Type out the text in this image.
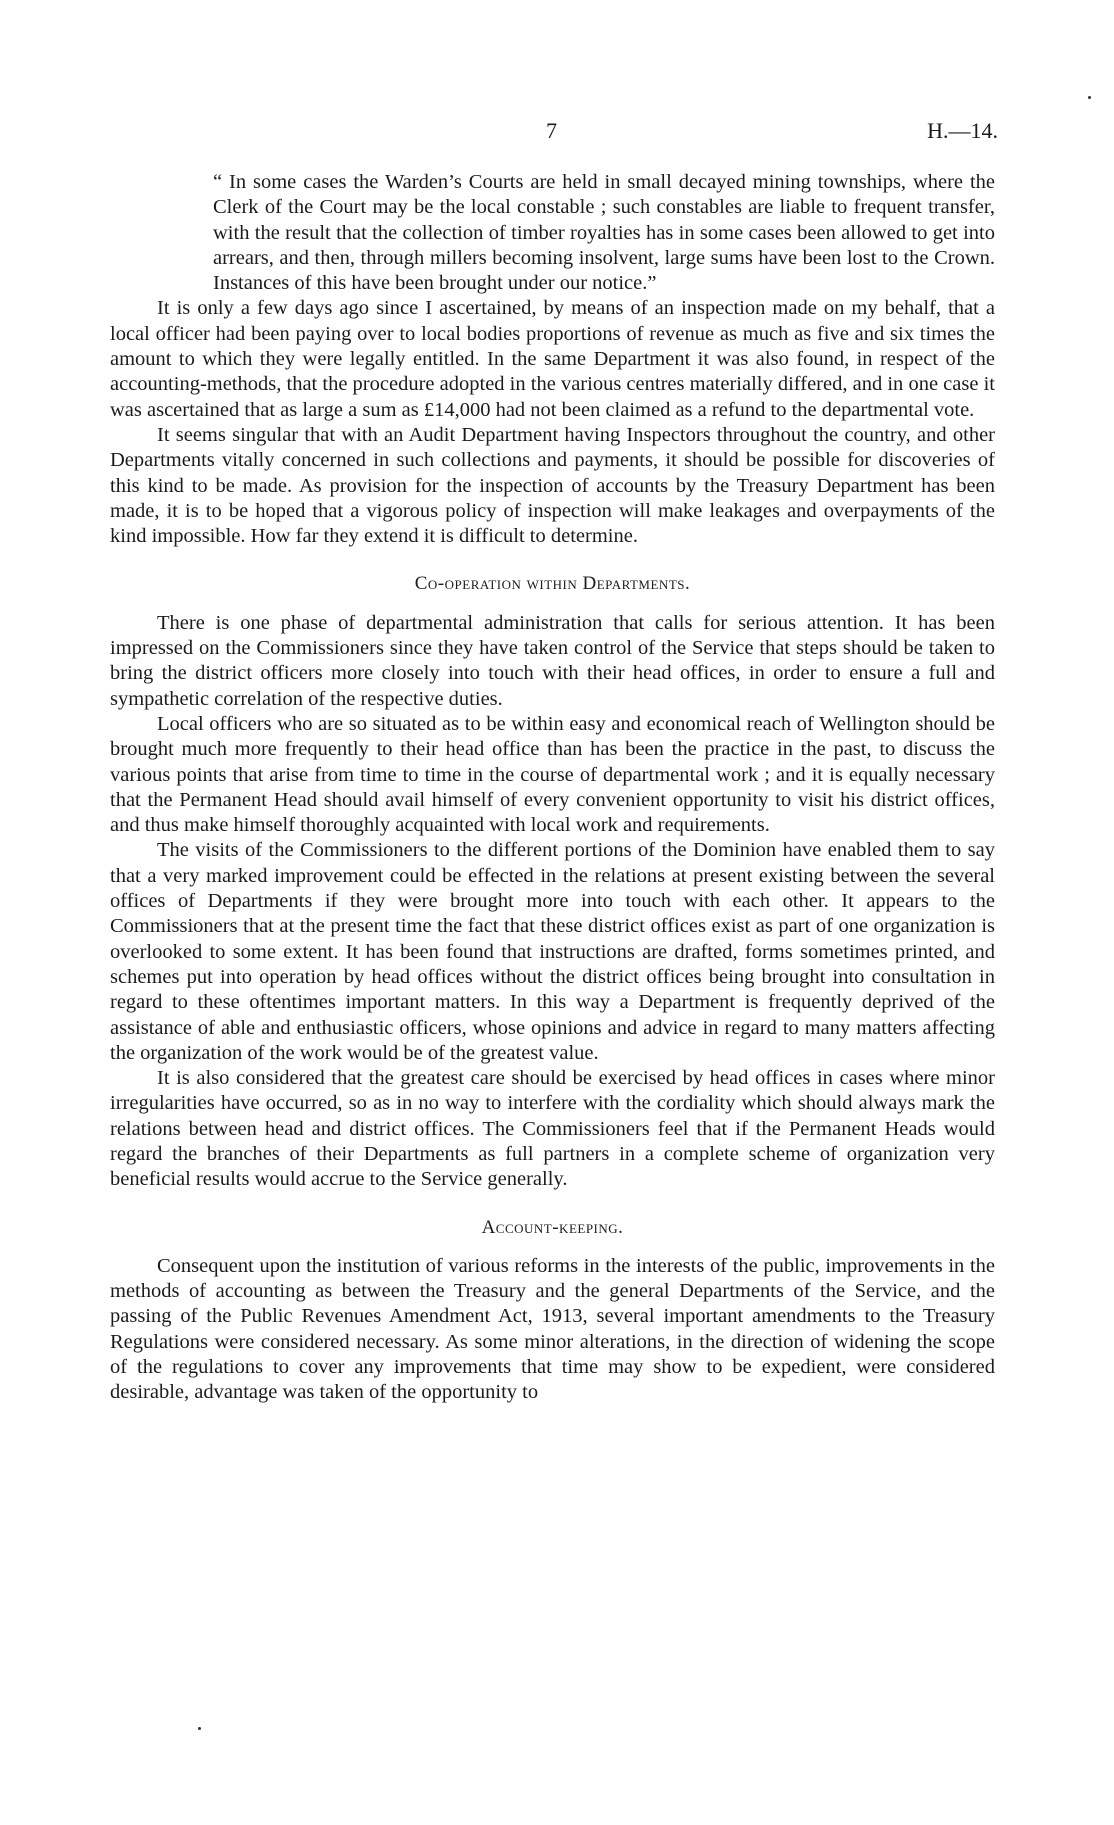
7	H.—14.

“ In some cases the Warden’s Courts are held in small decayed mining townships, where the Clerk of the Court may be the local constable ; such constables are liable to frequent transfer, with the result that the collection of timber royalties has in some cases been allowed to get into arrears, and then, through millers becoming insolvent, large sums have been lost to the Crown. Instances of this have been brought under our notice.”

It is only a few days ago since I ascertained, by means of an inspection made on my behalf, that a local officer had been paying over to local bodies proportions of revenue as much as five and six times the amount to which they were legally entitled. In the same Department it was also found, in respect of the accounting-methods, that the procedure adopted in the various centres materially differed, and in one case it was ascertained that as large a sum as £14,000 had not been claimed as a refund to the departmental vote.

It seems singular that with an Audit Department having Inspectors throughout the country, and other Departments vitally concerned in such collections and payments, it should be possible for discoveries of this kind to be made. As provision for the inspection of accounts by the Treasury Department has been made, it is to be hoped that a vigorous policy of inspection will make leakages and overpayments of the kind impossible. How far they extend it is difficult to determine.

Co-operation within Departments.

There is one phase of departmental administration that calls for serious attention. It has been impressed on the Commissioners since they have taken control of the Service that steps should be taken to bring the district officers more closely into touch with their head offices, in order to ensure a full and sympathetic correlation of the respective duties.

Local officers who are so situated as to be within easy and economical reach of Wellington should be brought much more frequently to their head office than has been the practice in the past, to discuss the various points that arise from time to time in the course of departmental work ; and it is equally necessary that the Permanent Head should avail himself of every convenient opportunity to visit his district offices, and thus make himself thoroughly acquainted with local work and requirements.

The visits of the Commissioners to the different portions of the Dominion have enabled them to say that a very marked improvement could be effected in the relations at present existing between the several offices of Departments if they were brought more into touch with each other. It appears to the Commissioners that at the present time the fact that these district offices exist as part of one organization is overlooked to some extent. It has been found that instructions are drafted, forms sometimes printed, and schemes put into operation by head offices without the district offices being brought into consultation in regard to these oftentimes important matters. In this way a Department is frequently deprived of the assistance of able and enthusiastic officers, whose opinions and advice in regard to many matters affecting the organization of the work would be of the greatest value.

It is also considered that the greatest care should be exercised by head offices in cases where minor irregularities have occurred, so as in no way to interfere with the cordiality which should always mark the relations between head and district offices. The Commissioners feel that if the Permanent Heads would regard the branches of their Departments as full partners in a complete scheme of organization very beneficial results would accrue to the Service generally.

Account-keeping.

Consequent upon the institution of various reforms in the interests of the public, improvements in the methods of accounting as between the Treasury and the general Departments of the Service, and the passing of the Public Revenues Amendment Act, 1913, several important amendments to the Treasury Regulations were considered necessary. As some minor alterations, in the direction of widening the scope of the regulations to cover any improvements that time may show to be expedient, were considered desirable, advantage was taken of the opportunity to
